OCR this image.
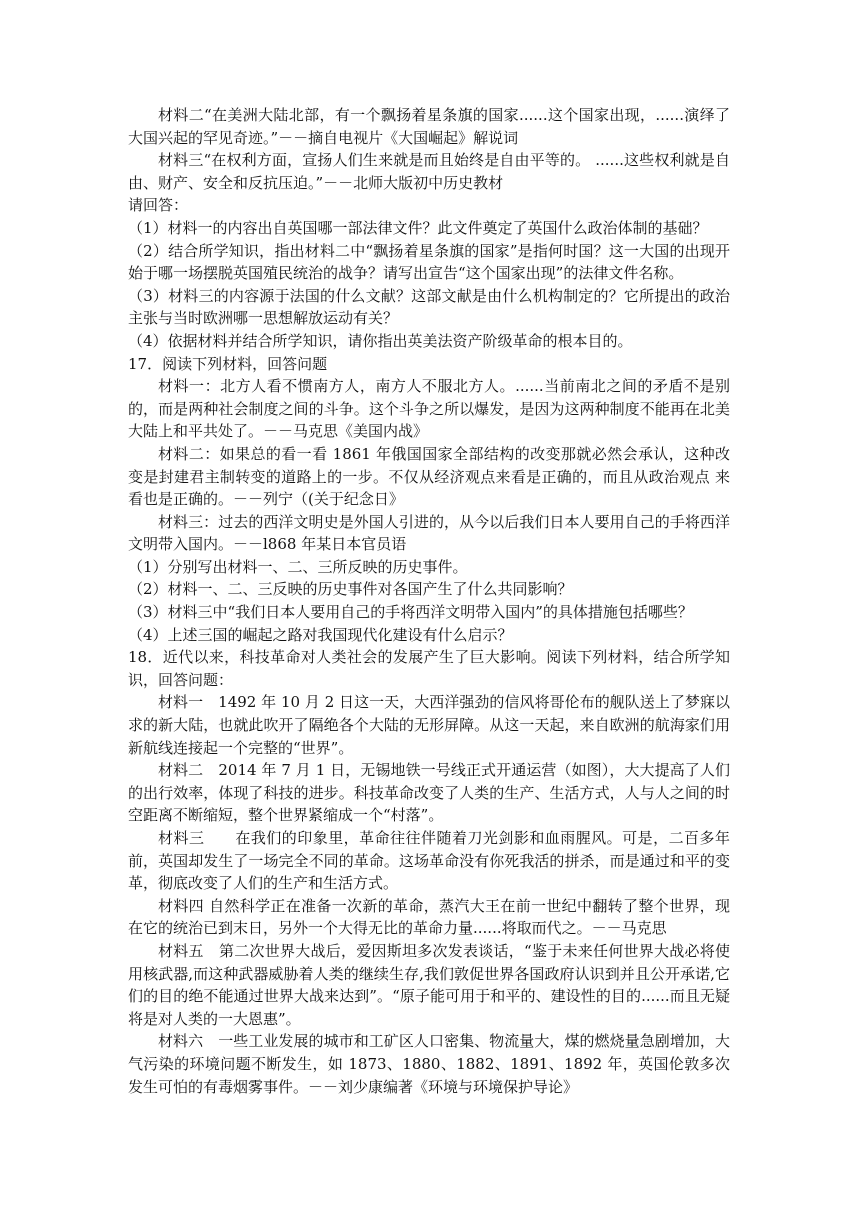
材料二“在美洲大陆北部，有一个飘扬着星条旗的国家......这个国家出现，......演绎了大国兴起的罕见奇迹。”－－摘自电视片《大国崛起》解说词

材料三“在权利方面，宣扬人们生来就是而且始终是自由平等的。 ......这些权利就是自由、财产、安全和反抗压迫。”－－北师大版初中历史教材

请回答：

（1）材料一的内容出自英国哪一部法律文件？此文件奠定了英国什么政治体制的基础？

（2）结合所学知识，指出材料二中“飘扬着星条旗的国家”是指何时国？这一大国的出现开始于哪一场摆脱英国殖民统治的战争？请写出宣告“这个国家出现”的法律文件名称。

（3）材料三的内容源于法国的什么文献？这部文献是由什么机构制定的？它所提出的政治主张与当时欧洲哪一思想解放运动有关？

（4）依据材料并结合所学知识，请你指出英美法资产阶级革命的根本目的。

17．阅读下列材料，回答问题

材料一：北方人看不惯南方人，南方人不服北方人。......当前南北之间的矛盾不是别的，而是两种社会制度之间的斗争。这个斗争之所以爆发，是因为这两种制度不能再在北美大陆上和平共处了。－－马克思《美国内战》

材料二：如果总的看一看 1861 年俄国国家全部结构的改变那就必然会承认，这种改变是封建君主制转变的道路上的一步。不仅从经济观点来看是正确的，而且从政治观点 来看也是正确的。－－列宁（(关于纪念日》

材料三：过去的西洋文明史是外国人引进的，从今以后我们日本人要用自己的手将西洋文明带入国内。－－l868 年某日本官员语

（1）分别写出材料一、二、三所反映的历史事件。

（2）材料一、二、三反映的历史事件对各国产生了什么共同影响？

（3）材料三中“我们日本人要用自己的手将西洋文明带入国内”的具体措施包括哪些？

（4）上述三国的崛起之路对我国现代化建设有什么启示？

18．近代以来，科技革命对人类社会的发展产生了巨大影响。阅读下列材料，结合所学知识，回答问题：

材料一　1492 年 10 月 2 日这一天，大西洋强劲的信风将哥伦布的舰队送上了梦寐以求的新大陆，也就此吹开了隔绝各个大陆的无形屏障。从这一天起，来自欧洲的航海家们用新航线连接起一个完整的“世界”。

材料二　2014 年 7 月 1 日，无锡地铁一号线正式开通运营（如图），大大提高了人们的出行效率，体现了科技的进步。科技革命改变了人类的生产、生活方式，人与人之间的时空距离不断缩短，整个世界紧缩成一个“村落”。

材料三　　在我们的印象里，革命往往伴随着刀光剑影和血雨腥风。可是，二百多年前，英国却发生了一场完全不同的革命。这场革命没有你死我活的拼杀，而是通过和平的变革，彻底改变了人们的生产和生活方式。

材料四 自然科学正在准备一次新的革命，蒸汽大王在前一世纪中翻转了整个世界，现在它的统治已到末日，另外一个大得无比的革命力量......将取而代之。－－马克思

材料五　第二次世界大战后，爱因斯坦多次发表谈话，“鉴于未来任何世界大战必将使用核武器,而这种武器威胁着人类的继续生存,我们敦促世界各国政府认识到并且公开承诺,它们的目的绝不能通过世界大战来达到”。“原子能可用于和平的、建设性的目的......而且无疑将是对人类的一大恩惠”。

材料六　一些工业发展的城市和工矿区人口密集、物流量大，煤的燃烧量急剧增加，大气污染的环境问题不断发生，如 1873、1880、1882、1891、1892 年，英国伦敦多次发生可怕的有毒烟雾事件。－－刘少康编著《环境与环境保护导论》
